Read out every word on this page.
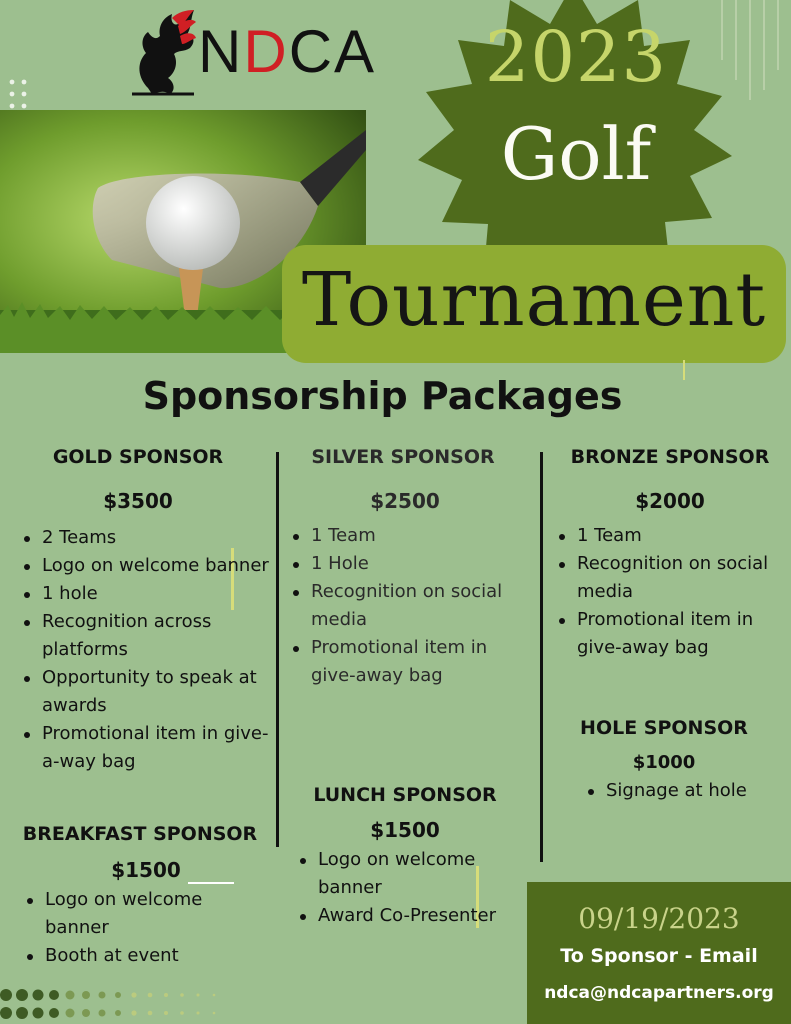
NDCA	2023
Golf
Tournament
Sponsorship Packages
GOLD SPONSOR
$3500
2 Teams
Logo on welcome banner
1 hole
Recognition across platforms
Opportunity to speak at awards
Promotional item in give-a-way bag
BREAKFAST SPONSOR
$1500
Logo on welcome banner
Booth at event
SILVER SPONSOR
$2500
1 Team
1 Hole
Recognition on social media
Promotional item in give-away bag
LUNCH SPONSOR
$1500
Logo on welcome banner
Award Co-Presenter
BRONZE SPONSOR
$2000
1 Team
Recognition on social media
Promotional item in give-away bag
HOLE SPONSOR
$1000
Signage at hole
09/19/2023
To Sponsor - Email
ndca@ndcapartners.org
